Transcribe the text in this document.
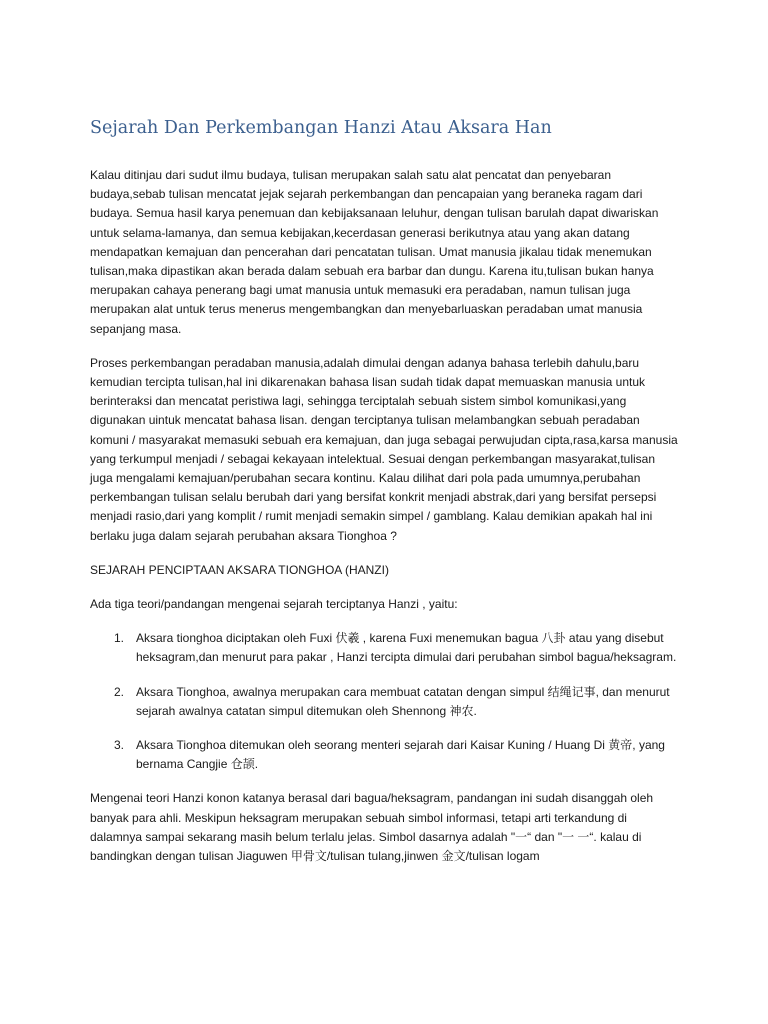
Sejarah Dan Perkembangan Hanzi Atau Aksara Han

Kalau ditinjau dari sudut ilmu budaya, tulisan merupakan salah satu alat pencatat dan penyebaran budaya,sebab tulisan mencatat jejak sejarah perkembangan dan pencapaian yang beraneka ragam dari budaya. Semua hasil karya penemuan dan kebijaksanaan leluhur, dengan tulisan barulah dapat diwariskan untuk selama-lamanya, dan semua kebijakan,kecerdasan generasi berikutnya atau yang akan datang mendapatkan kemajuan dan pencerahan dari pencatatan tulisan. Umat manusia jikalau tidak menemukan tulisan,maka dipastikan akan berada dalam sebuah era barbar dan dungu. Karena itu,tulisan bukan hanya merupakan cahaya penerang bagi umat manusia untuk memasuki era peradaban, namun tulisan juga merupakan alat untuk terus menerus mengembangkan dan menyebarluaskan peradaban umat manusia sepanjang masa.

Proses perkembangan peradaban manusia,adalah dimulai dengan adanya bahasa terlebih dahulu,baru kemudian tercipta tulisan,hal ini dikarenakan bahasa lisan sudah tidak dapat memuaskan manusia untuk berinteraksi dan mencatat peristiwa lagi, sehingga terciptalah sebuah sistem simbol komunikasi,yang digunakan uintuk mencatat bahasa lisan. dengan terciptanya tulisan melambangkan sebuah peradaban komuni / masyarakat memasuki sebuah era kemajuan, dan juga sebagai perwujudan cipta,rasa,karsa manusia yang terkumpul menjadi / sebagai kekayaan intelektual. Sesuai dengan perkembangan masyarakat,tulisan juga mengalami kemajuan/perubahan secara kontinu. Kalau dilihat dari pola pada umumnya,perubahan perkembangan tulisan selalu berubah dari yang bersifat konkrit menjadi abstrak,dari yang bersifat persepsi menjadi rasio,dari yang komplit / rumit menjadi semakin simpel / gamblang. Kalau demikian apakah hal ini berlaku juga dalam sejarah perubahan aksara Tionghoa ?

SEJARAH PENCIPTAAN AKSARA TIONGHOA (HANZI)

Ada tiga teori/pandangan mengenai sejarah terciptanya Hanzi , yaitu:

1. Aksara tionghoa diciptakan oleh Fuxi 伏羲 , karena Fuxi menemukan bagua 八卦 atau yang disebut heksagram,dan menurut para pakar , Hanzi tercipta dimulai dari perubahan simbol bagua/heksagram.
2. Aksara Tionghoa, awalnya merupakan cara membuat catatan dengan simpul 结绳记事, dan menurut sejarah awalnya catatan simpul ditemukan oleh Shennong 神农.
3. Aksara Tionghoa ditemukan oleh seorang menteri sejarah dari Kaisar Kuning / Huang Di 黄帝, yang bernama Cangjie 仓颉.

Mengenai teori Hanzi konon katanya berasal dari bagua/heksagram, pandangan ini sudah disanggah oleh banyak para ahli. Meskipun heksagram merupakan sebuah simbol informasi, tetapi arti terkandung di dalamnya sampai sekarang masih belum terlalu jelas. Simbol dasarnya adalah "一“ dan "一 一“. kalau di bandingkan dengan tulisan Jiaguwen 甲骨文/tulisan tulang,jinwen 金文/tulisan logam
